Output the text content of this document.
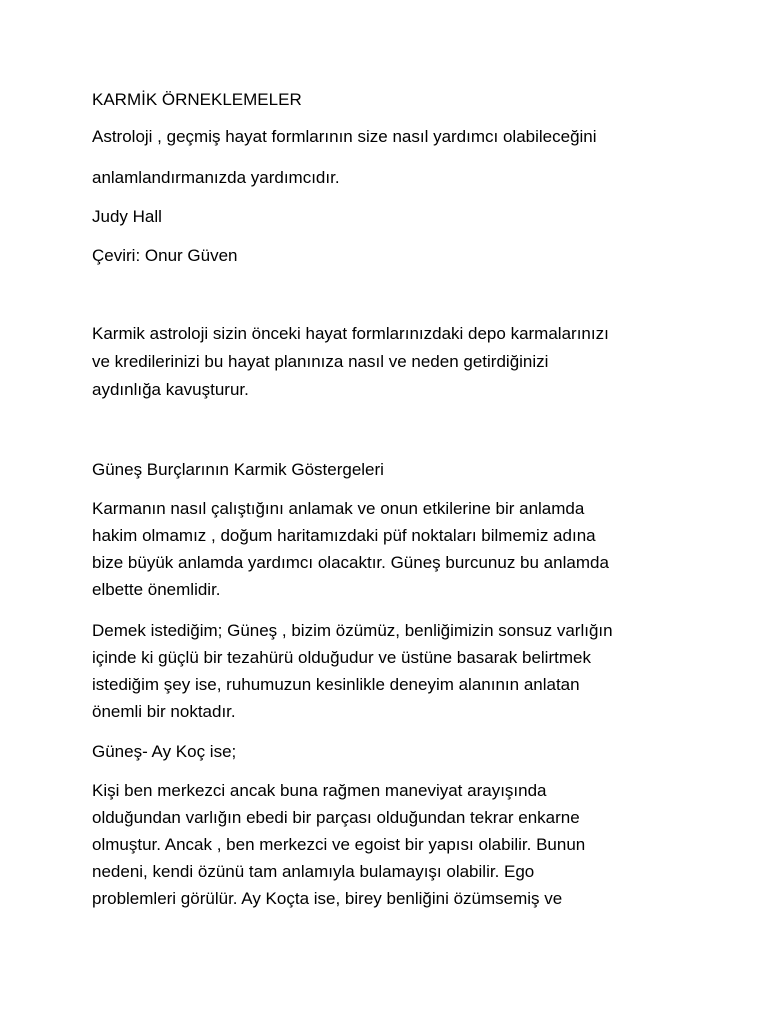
KARMİK ÖRNEKLEMELER
Astroloji , geçmiş hayat formlarının size nasıl yardımcı olabileceğini
anlamlandırmanızda yardımcıdır.
Judy Hall
Çeviri: Onur Güven
Karmik astroloji sizin önceki hayat formlarınızdaki depo karmalarınızı
ve kredilerinizi bu hayat planınıza nasıl ve neden getirdiğinizi
aydınlığa kavuşturur.
Güneş Burçlarının Karmik Göstergeleri
Karmanın nasıl çalıştığını anlamak ve onun etkilerine bir anlamda
hakim olmamız , doğum haritamızdaki püf noktaları bilmemiz adına
bize büyük anlamda yardımcı olacaktır. Güneş burcunuz bu anlamda
elbette önemlidir.
Demek istediğim; Güneş , bizim özümüz, benliğimizin sonsuz varlığın
içinde ki güçlü bir tezahürü olduğudur ve üstüne basarak belirtmek
istediğim şey ise, ruhumuzun kesinlikle deneyim alanının anlatan
önemli bir noktadır.
Güneş- Ay Koç ise;
Kişi ben merkezci ancak buna rağmen maneviyat arayışında
olduğundan varlığın ebedi bir parçası olduğundan tekrar enkarne
olmuştur. Ancak , ben merkezci ve egoist bir yapısı olabilir. Bunun
nedeni, kendi özünü tam anlamıyla bulamayışı olabilir. Ego
problemleri görülür. Ay Koçta ise, birey benliğini özümsemiş ve
